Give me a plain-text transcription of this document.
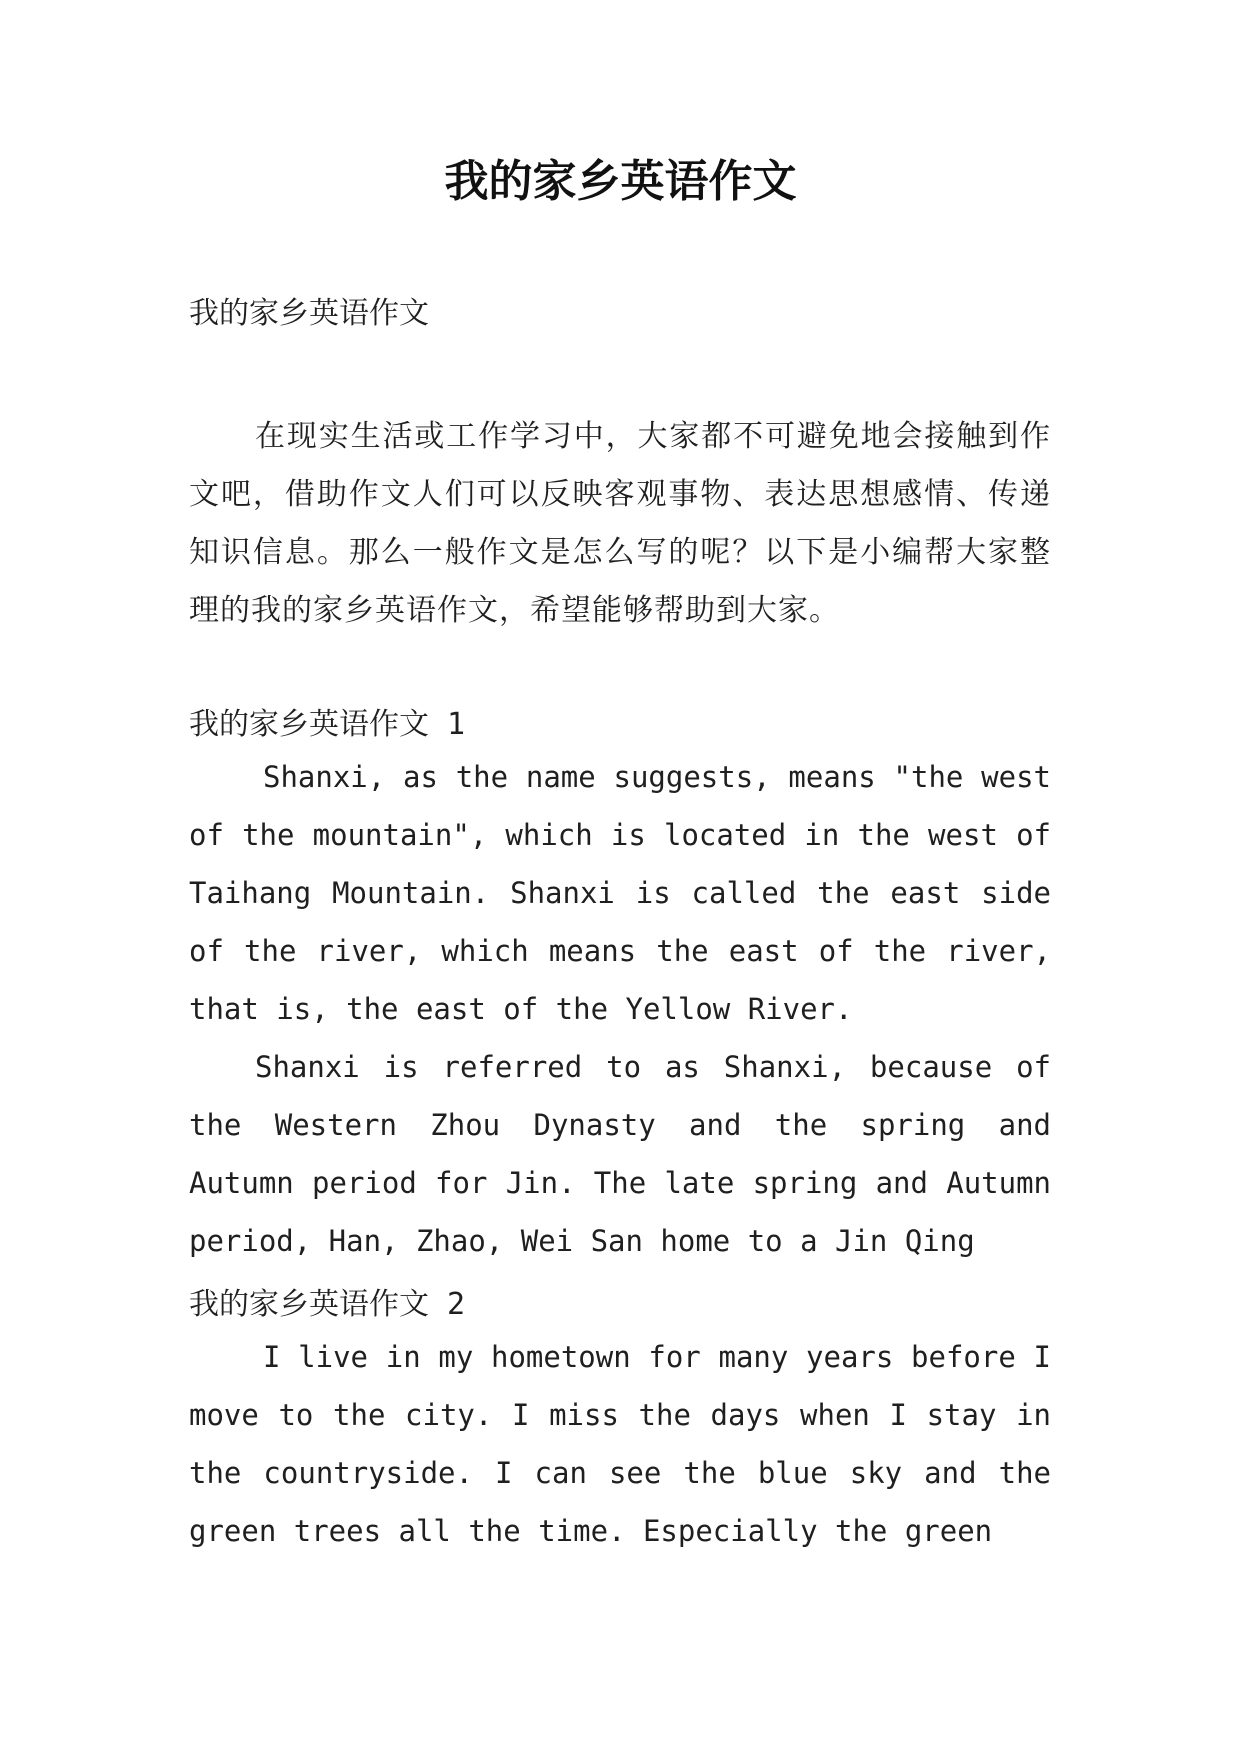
我的家乡英语作文

我的家乡英语作文

在现实生活或工作学习中，大家都不可避免地会接触到作文吧，借助作文人们可以反映客观事物、表达思想感情、传递知识信息。那么一般作文是怎么写的呢？以下是小编帮大家整理的我的家乡英语作文，希望能够帮助到大家。

我的家乡英语作文 1

Shanxi, as the name suggests, means "the west of the mountain", which is located in the west of Taihang Mountain. Shanxi is called the east side of the river, which means the east of the river, that is, the east of the Yellow River.

Shanxi is referred to as Shanxi, because of the Western Zhou Dynasty and the spring and Autumn period for Jin. The late spring and Autumn period, Han, Zhao, Wei San home to a Jin Qing

我的家乡英语作文 2

I live in my hometown for many years before I move to the city. I miss the days when I stay in the countryside. I can see the blue sky and the green trees all the time. Especially the green
